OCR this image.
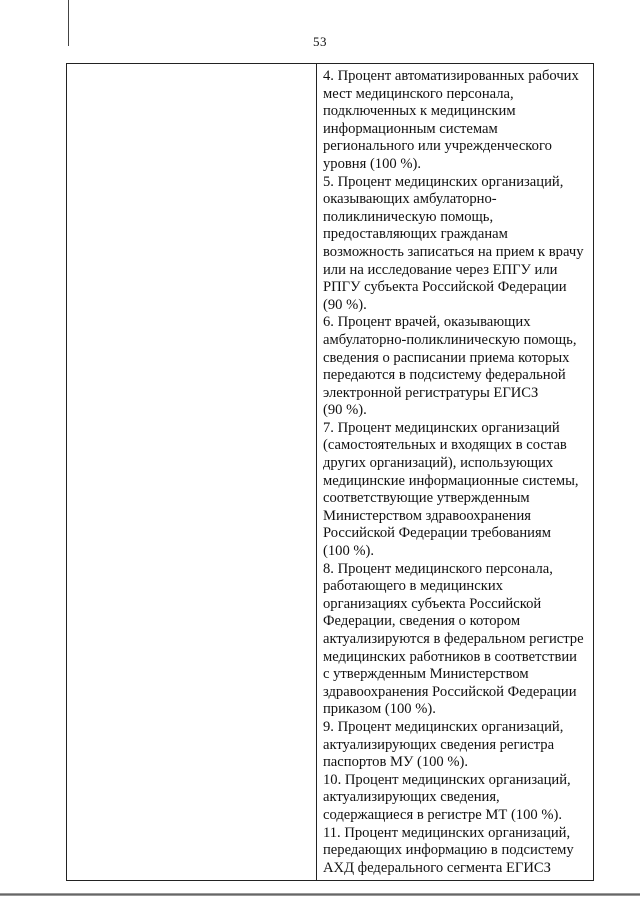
53
4. Процент автоматизированных рабочих
мест медицинского персонала,
подключенных к медицинским
информационным системам
регионального или учрежденческого
уровня (100 %).
5. Процент медицинских организаций,
оказывающих амбулаторно-
поликлиническую помощь,
предоставляющих гражданам
возможность записаться на прием к врачу
или на исследование через ЕПГУ или
РПГУ субъекта Российской Федерации
(90 %).
6. Процент врачей, оказывающих
амбулаторно-поликлиническую помощь,
сведения о расписании приема которых
передаются в подсистему федеральной
электронной регистратуры ЕГИСЗ
(90 %).
7. Процент медицинских организаций
(самостоятельных и входящих в состав
других организаций), использующих
медицинские информационные системы,
соответствующие утвержденным
Министерством здравоохранения
Российской Федерации требованиям
(100 %).
8. Процент медицинского персонала,
работающего в медицинских
организациях субъекта Российской
Федерации, сведения о котором
актуализируются в федеральном регистре
медицинских работников в соответствии
с утвержденным Министерством
здравоохранения Российской Федерации
приказом (100 %).
9. Процент медицинских организаций,
актуализирующих сведения регистра
паспортов МУ (100 %).
10. Процент медицинских организаций,
актуализирующих сведения,
содержащиеся в регистре МТ (100 %).
11. Процент медицинских организаций,
передающих информацию в подсистему
АХД федерального сегмента ЕГИСЗ
